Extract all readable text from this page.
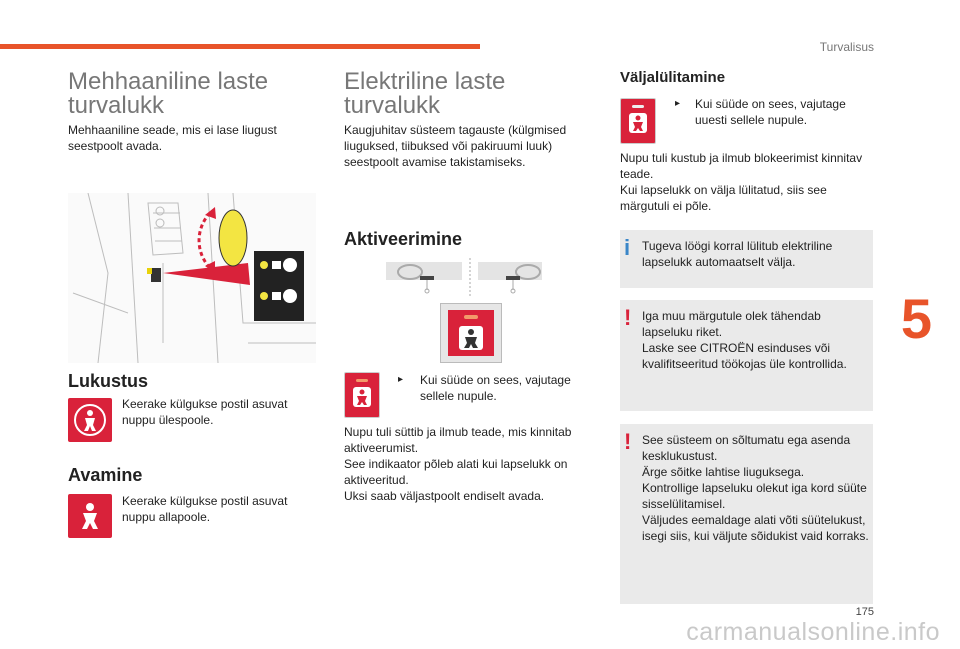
Turvalisus
5
175
carmanualsonline.info
Mehhaaniline laste turvalukk

Mehhaaniline seade, mis ei lase liugust seestpoolt avada.

Lukustus

Keerake külgukse postil asuvat nuppu ülespoole.

Avamine

Keerake külgukse postil asuvat nuppu allapoole.

Elektriline laste turvalukk

Kaugjuhitav süsteem tagauste (külgmised liuguksed, tiibuksed või pakiruumi luuk) seestpoolt avamise takistamiseks.

Aktiveerimine
▸ Kui süüde on sees, vajutage sellele nupule.

Nupu tuli süttib ja ilmub teade, mis kinnitab aktiveerumist.

See indikaator põleb alati kui lapselukk on aktiveeritud.

Uksi saab väljastpoolt endiselt avada.

Väljalülitamine
▸ Kui süüde on sees, vajutage uuesti sellele nupule.

Nupu tuli kustub ja ilmub blokeerimist kinnitav teade.

Kui lapselukk on välja lülitatud, siis see märgutuli ei põle.

i Tugeva löögi korral lülitub elektriline lapselukk automaatselt välja.

! Iga muu märgutule olek tähendab lapseluku riket.

Laske see CITROËN esinduses või kvalifitseeritud töökojas üle kontrollida.

! See süsteem on sõltumatu ega asenda kesklukustust.

Ärge sõitke lahtise liuguksega.

Kontrollige lapseluku olekut iga kord süüte sisselülitamisel.

Väljudes eemaldage alati võti süütelukust, isegi siis, kui väljute sõidukist vaid korraks.
